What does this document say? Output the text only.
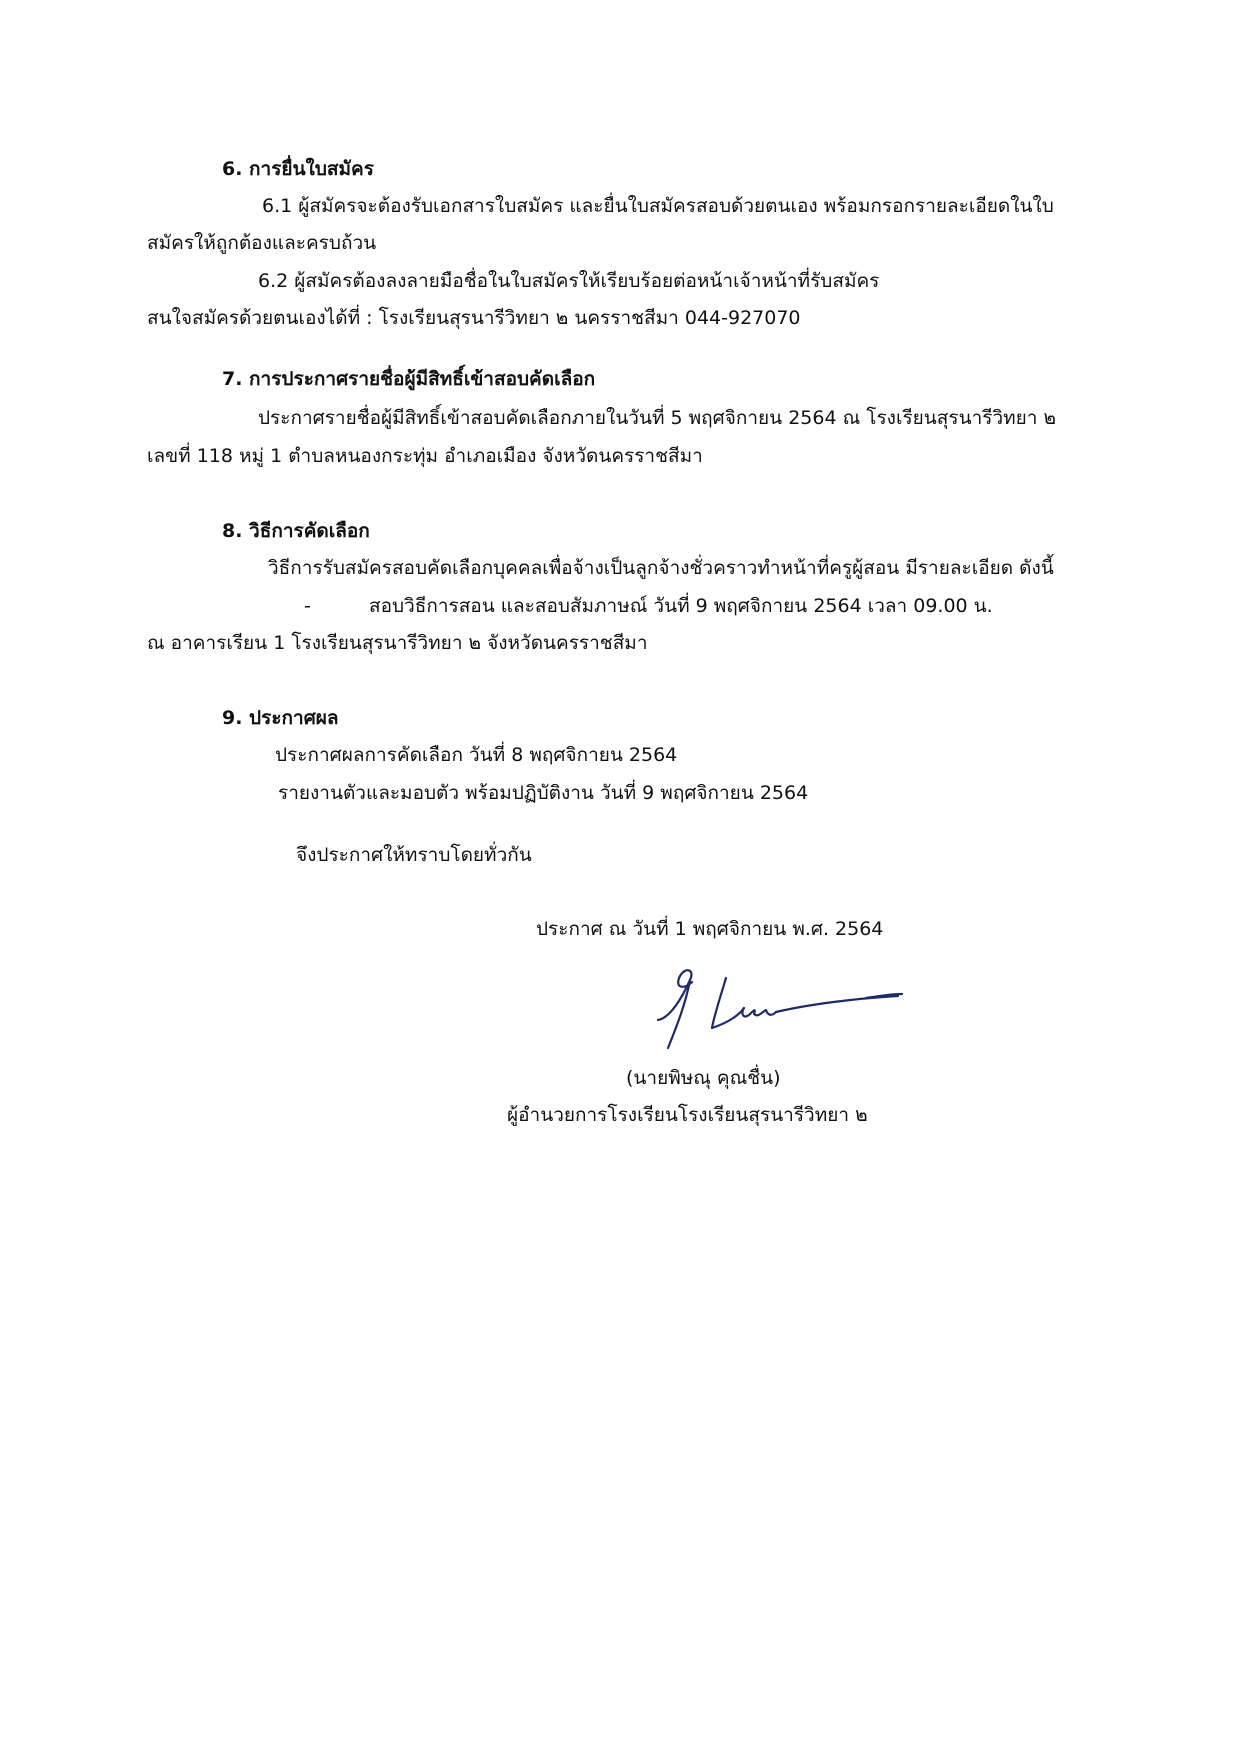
6. การยื่นใบสมัคร
6.1 ผู้สมัครจะต้องรับเอกสารใบสมัคร และยื่นใบสมัครสอบด้วยตนเอง พร้อมกรอกรายละเอียดในใบ
สมัครให้ถูกต้องและครบถ้วน
6.2 ผู้สมัครต้องลงลายมือชื่อในใบสมัครให้เรียบร้อยต่อหน้าเจ้าหน้าที่รับสมัคร
สนใจสมัครด้วยตนเองได้ที่ : โรงเรียนสุรนารีวิทยา ๒ นครราชสีมา 044-927070
7. การประกาศรายชื่อผู้มีสิทธิ์เข้าสอบคัดเลือก
ประกาศรายชื่อผู้มีสิทธิ์เข้าสอบคัดเลือกภายในวันที่ 5 พฤศจิกายน 2564 ณ โรงเรียนสุรนารีวิทยา ๒
เลขที่ 118 หมู่ 1 ตำบลหนองกระทุ่ม อำเภอเมือง จังหวัดนครราชสีมา
8. วิธีการคัดเลือก
วิธีการรับสมัครสอบคัดเลือกบุคคลเพื่อจ้างเป็นลูกจ้างชั่วคราวทำหน้าที่ครูผู้สอน มีรายละเอียด ดังนี้
-	สอบวิธีการสอน และสอบสัมภาษณ์ วันที่ 9 พฤศจิกายน 2564 เวลา 09.00 น.
ณ อาคารเรียน 1 โรงเรียนสุรนารีวิทยา ๒ จังหวัดนครราชสีมา
9. ประกาศผล
ประกาศผลการคัดเลือก วันที่ 8 พฤศจิกายน 2564
รายงานตัวและมอบตัว พร้อมปฏิบัติงาน วันที่ 9 พฤศจิกายน 2564
จึงประกาศให้ทราบโดยทั่วกัน
ประกาศ ณ วันที่ 1 พฤศจิกายน พ.ศ. 2564
(นายพิษณุ คุณชื่น)
ผู้อำนวยการโรงเรียนโรงเรียนสุรนารีวิทยา ๒
